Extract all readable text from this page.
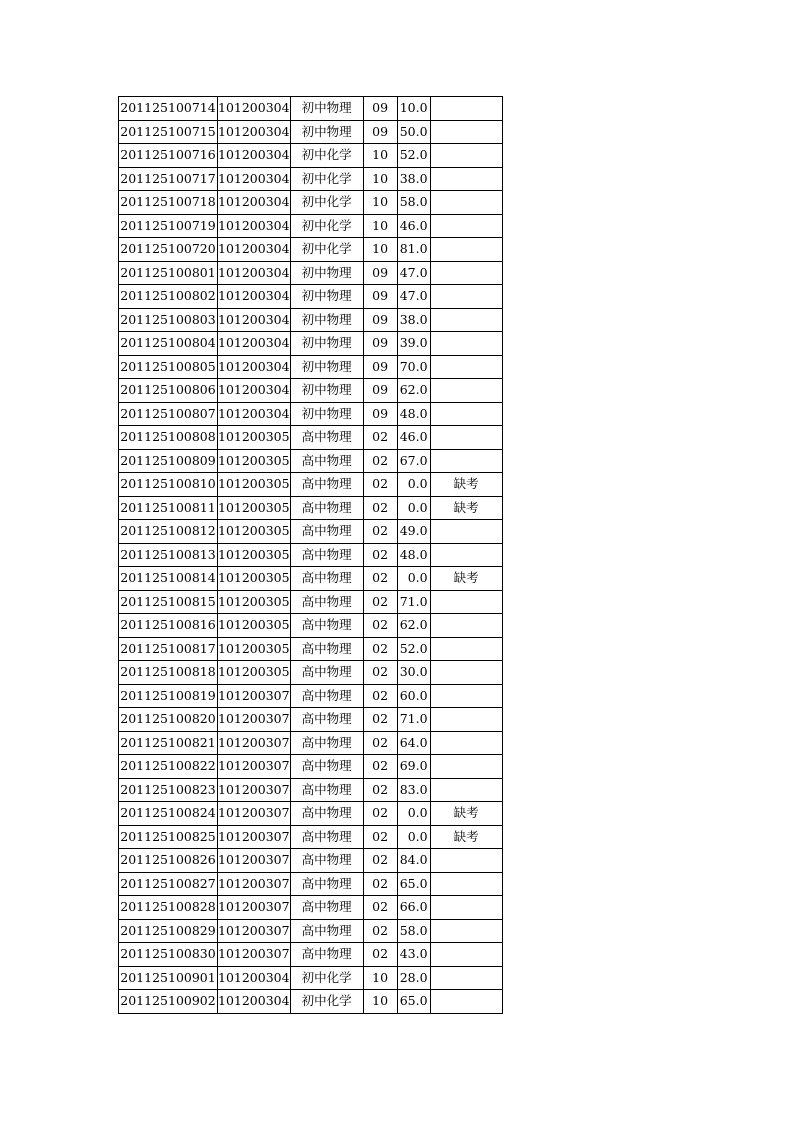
201125100714	101200304	初中物理	09	10.0	
201125100715	101200304	初中物理	09	50.0	
201125100716	101200304	初中化学	10	52.0	
201125100717	101200304	初中化学	10	38.0	
201125100718	101200304	初中化学	10	58.0	
201125100719	101200304	初中化学	10	46.0	
201125100720	101200304	初中化学	10	81.0	
201125100801	101200304	初中物理	09	47.0	
201125100802	101200304	初中物理	09	47.0	
201125100803	101200304	初中物理	09	38.0	
201125100804	101200304	初中物理	09	39.0	
201125100805	101200304	初中物理	09	70.0	
201125100806	101200304	初中物理	09	62.0	
201125100807	101200304	初中物理	09	48.0	
201125100808	101200305	高中物理	02	46.0	
201125100809	101200305	高中物理	02	67.0	
201125100810	101200305	高中物理	02	0.0	缺考
201125100811	101200305	高中物理	02	0.0	缺考
201125100812	101200305	高中物理	02	49.0	
201125100813	101200305	高中物理	02	48.0	
201125100814	101200305	高中物理	02	0.0	缺考
201125100815	101200305	高中物理	02	71.0	
201125100816	101200305	高中物理	02	62.0	
201125100817	101200305	高中物理	02	52.0	
201125100818	101200305	高中物理	02	30.0	
201125100819	101200307	高中物理	02	60.0	
201125100820	101200307	高中物理	02	71.0	
201125100821	101200307	高中物理	02	64.0	
201125100822	101200307	高中物理	02	69.0	
201125100823	101200307	高中物理	02	83.0	
201125100824	101200307	高中物理	02	0.0	缺考
201125100825	101200307	高中物理	02	0.0	缺考
201125100826	101200307	高中物理	02	84.0	
201125100827	101200307	高中物理	02	65.0	
201125100828	101200307	高中物理	02	66.0	
201125100829	101200307	高中物理	02	58.0	
201125100830	101200307	高中物理	02	43.0	
201125100901	101200304	初中化学	10	28.0	
201125100902	101200304	初中化学	10	65.0	
